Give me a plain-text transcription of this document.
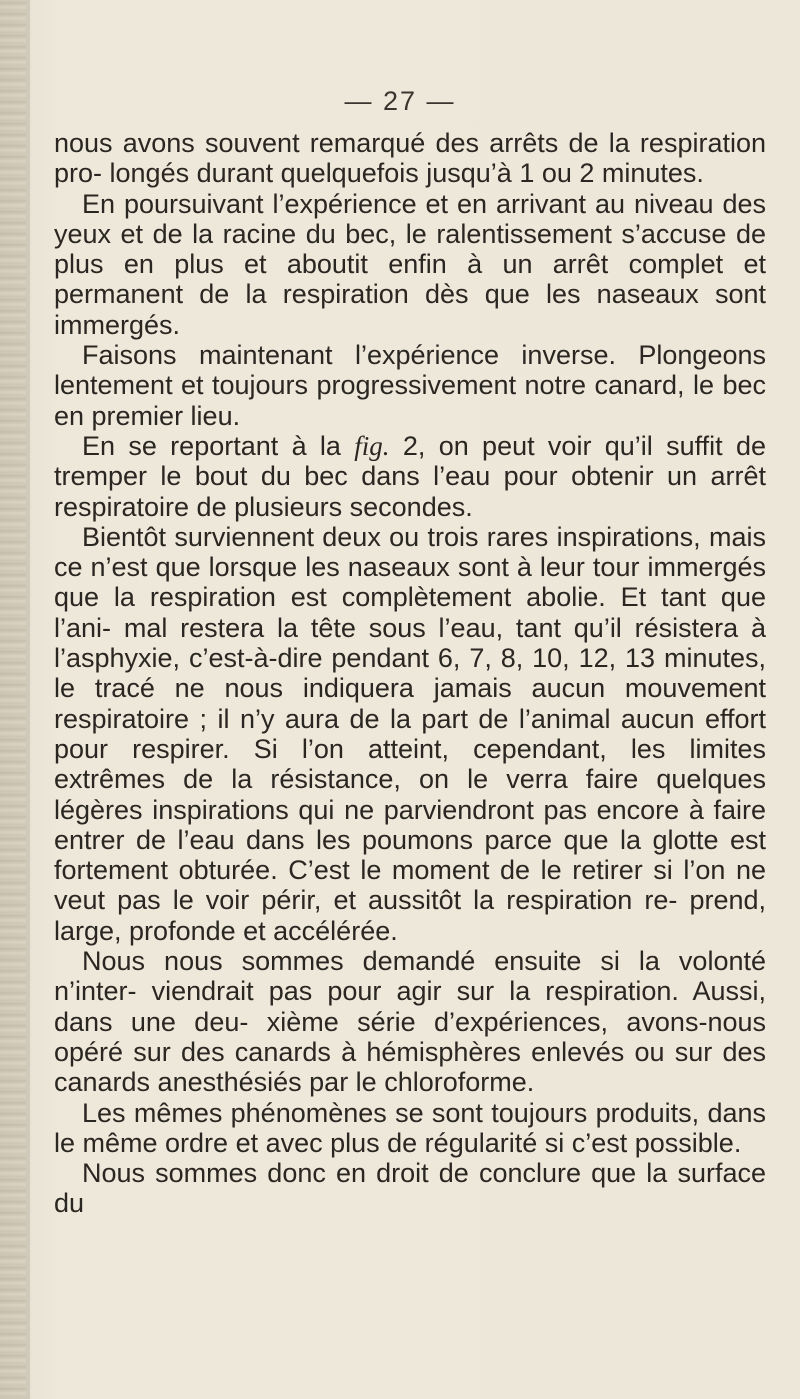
— 27 —

nous avons souvent remarqué des arrêts de la respiration pro- longés durant quelquefois jusqu’à 1 ou 2 minutes.

En poursuivant l’expérience et en arrivant au niveau des yeux et de la racine du bec, le ralentissement s’accuse de plus en plus et aboutit enfin à un arrêt complet et permanent de la respiration dès que les naseaux sont immergés.

Faisons maintenant l’expérience inverse. Plongeons lentement et toujours progressivement notre canard, le bec en premier lieu.

En se reportant à la fig. 2, on peut voir qu’il suffit de tremper le bout du bec dans l’eau pour obtenir un arrêt respiratoire de plusieurs secondes.

Bientôt surviennent deux ou trois rares inspirations, mais ce n’est que lorsque les naseaux sont à leur tour immergés que la respiration est complètement abolie. Et tant que l’ani- mal restera la tête sous l’eau, tant qu’il résistera à l’asphyxie, c’est-à-dire pendant 6, 7, 8, 10, 12, 13 minutes, le tracé ne nous indiquera jamais aucun mouvement respiratoire ; il n’y aura de la part de l’animal aucun effort pour respirer. Si l’on atteint, cependant, les limites extrêmes de la résistance, on le verra faire quelques légères inspirations qui ne parviendront pas encore à faire entrer de l’eau dans les poumons parce que la glotte est fortement obturée. C’est le moment de le retirer si l’on ne veut pas le voir périr, et aussitôt la respiration re- prend, large, profonde et accélérée.

Nous nous sommes demandé ensuite si la volonté n’inter- viendrait pas pour agir sur la respiration. Aussi, dans une deu- xième série d’expériences, avons-nous opéré sur des canards à hémisphères enlevés ou sur des canards anesthésiés par le chloroforme.

Les mêmes phénomènes se sont toujours produits, dans le même ordre et avec plus de régularité si c’est possible.

Nous sommes donc en droit de conclure que la surface du
